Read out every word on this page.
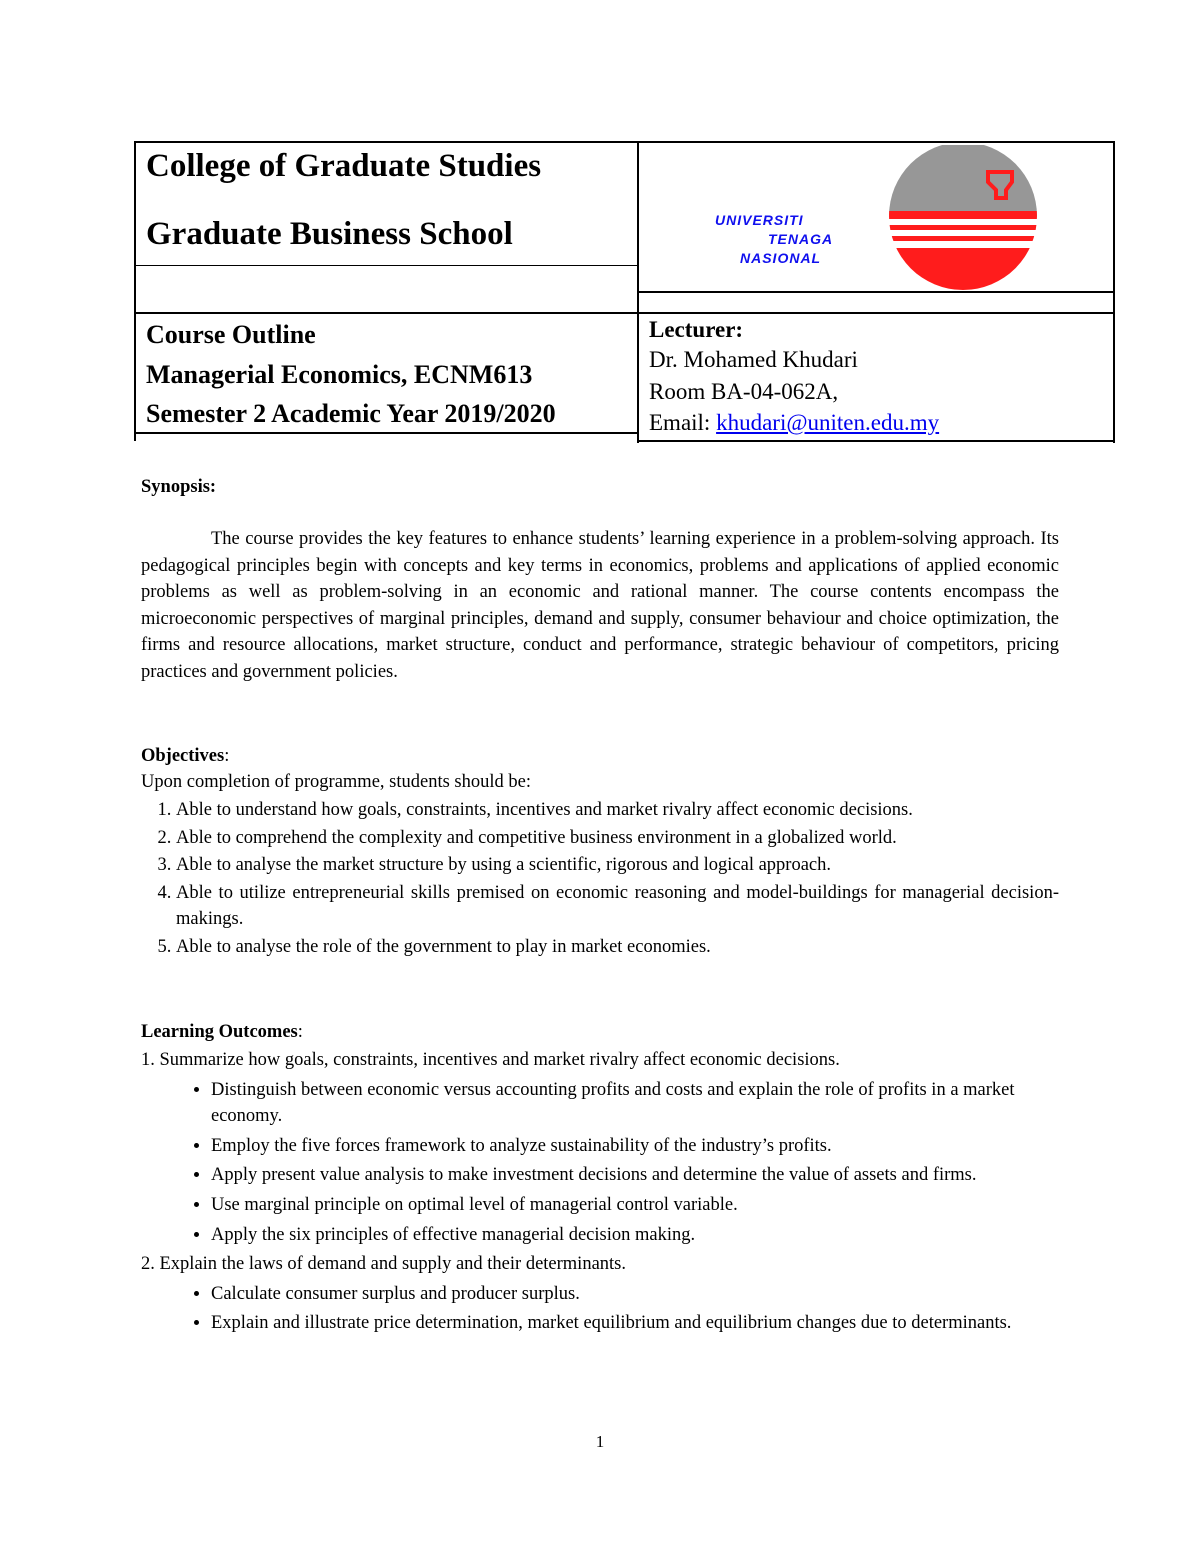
College of Graduate Studies
Graduate Business School
Course Outline
Managerial Economics, ECNM613
Semester 2 Academic Year 2019/2020
UNIVERSITI
TENAGA
NASIONAL
Lecturer:
Dr. Mohamed Khudari
Room BA-04-062A,
Email: khudari@uniten.edu.my
Synopsis:
The course provides the key features to enhance students’ learning experience in a problem-solving approach. Its pedagogical principles begin with concepts and key terms in economics, problems and applications of applied economic problems as well as problem-solving in an economic and rational manner. The course contents encompass the microeconomic perspectives of marginal principles, demand and supply, consumer behaviour and choice optimization, the firms and resource allocations, market structure, conduct and performance, strategic behaviour of competitors, pricing practices and government policies.
Objectives:
Upon completion of programme, students should be:
1. Able to understand how goals, constraints, incentives and market rivalry affect economic decisions.
2. Able to comprehend the complexity and competitive business environment in a globalized world.
3. Able to analyse the market structure by using a scientific, rigorous and logical approach.
4. Able to utilize entrepreneurial skills premised on economic reasoning and model-buildings for managerial decision-makings.
5. Able to analyse the role of the government to play in market economies.
Learning Outcomes:
1. Summarize how goals, constraints, incentives and market rivalry affect economic decisions.
• Distinguish between economic versus accounting profits and costs and explain the role of profits in a market economy.
• Employ the five forces framework to analyze sustainability of the industry’s profits.
• Apply present value analysis to make investment decisions and determine the value of assets and firms.
• Use marginal principle on optimal level of managerial control variable.
• Apply the six principles of effective managerial decision making.
2. Explain the laws of demand and supply and their determinants.
• Calculate consumer surplus and producer surplus.
• Explain and illustrate price determination, market equilibrium and equilibrium changes due to determinants.
1
